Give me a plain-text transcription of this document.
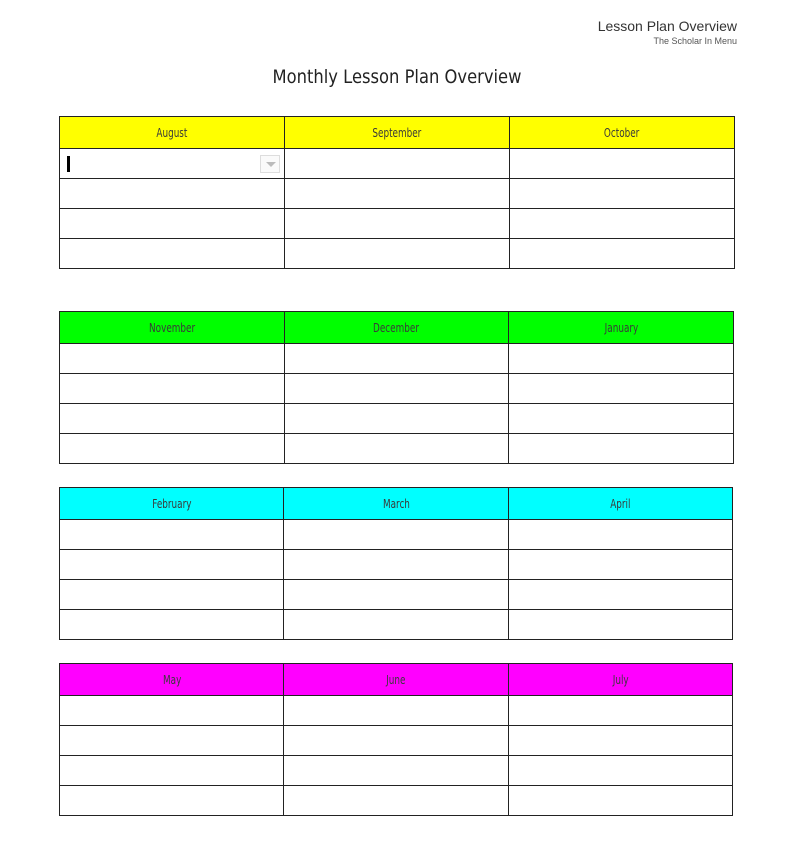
Lesson Plan Overview
The Scholar In Menu
Monthly Lesson Plan Overview
August	September	October

November	December	January

February	March	April

May	June	July
